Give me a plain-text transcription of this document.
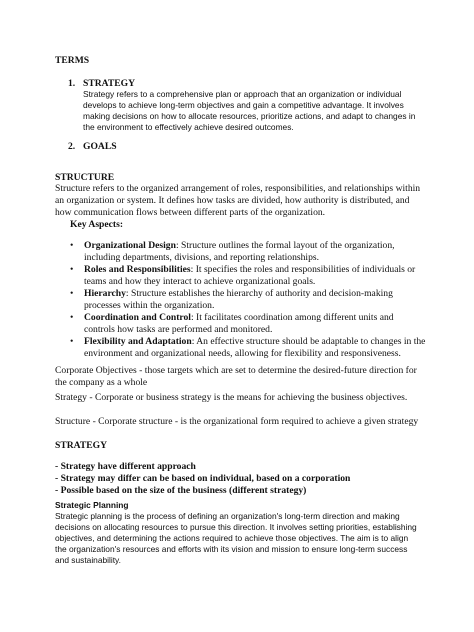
TERMS
1. STRATEGY
Strategy refers to a comprehensive plan or approach that an organization or individual develops to achieve long-term objectives and gain a competitive advantage. It involves making decisions on how to allocate resources, prioritize actions, and adapt to changes in the environment to effectively achieve desired outcomes.
2. GOALS
STRUCTURE
Structure refers to the organized arrangement of roles, responsibilities, and relationships within an organization or system. It defines how tasks are divided, how authority is distributed, and how communication flows between different parts of the organization.
Key Aspects:
• Organizational Design: Structure outlines the formal layout of the organization, including departments, divisions, and reporting relationships.
• Roles and Responsibilities: It specifies the roles and responsibilities of individuals or teams and how they interact to achieve organizational goals.
• Hierarchy: Structure establishes the hierarchy of authority and decision-making processes within the organization.
• Coordination and Control: It facilitates coordination among different units and controls how tasks are performed and monitored.
• Flexibility and Adaptation: An effective structure should be adaptable to changes in the environment and organizational needs, allowing for flexibility and responsiveness.
Corporate Objectives - those targets which are set to determine the desired-future direction for the company as a whole
Strategy - Corporate or business strategy is the means for achieving the business objectives.
Structure - Corporate structure - is the organizational form required to achieve a given strategy
STRATEGY
- Strategy have different approach
- Strategy may differ can be based on individual, based on a corporation
- Possible based on the size of the business (different strategy)
Strategic Planning
Strategic planning is the process of defining an organization's long-term direction and making decisions on allocating resources to pursue this direction. It involves setting priorities, establishing objectives, and determining the actions required to achieve those objectives. The aim is to align the organization's resources and efforts with its vision and mission to ensure long-term success and sustainability.
